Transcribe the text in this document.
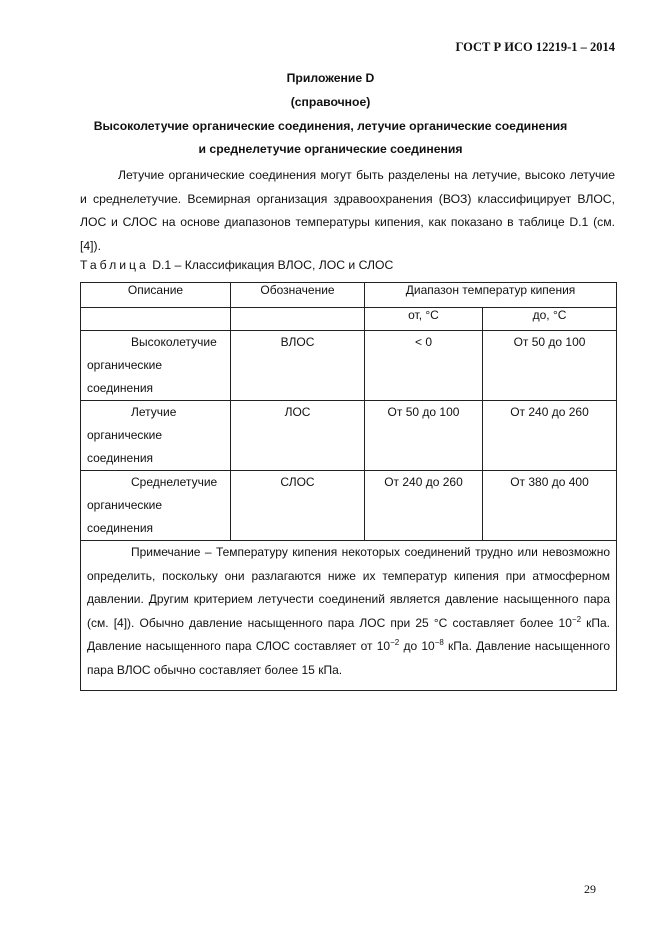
ГОСТ Р ИСО 12219-1 – 2014
Приложение D
(справочное)
Высоколетучие органические соединения, летучие органические соединения
и среднелетучие органические соединения
Летучие органические соединения могут быть разделены на летучие, высоко летучие и среднелетучие. Всемирная организация здравоохранения (ВОЗ) классифицирует ВЛОС, ЛОС и СЛОС на основе диапазонов температуры кипения, как показано в таблице D.1 (см. [4]).
Таблица D.1 – Классификация ВЛОС, ЛОС и СЛОС
Описание	Обозначение	Диапазон температур кипения	
		от, °С	до, °С

Высоколетучие
органические соединения	ВЛОС	< 0	От 50 до 100

Летучие органические
соединения	ЛОС	От 50 до 100	От 240 до 260

Среднелетучие
органические соединения	СЛОС	От 240 до 260	От 380 до 400
Примечание – Температуру кипения некоторых соединений трудно или невозможно определить, поскольку они разлагаются ниже их температур кипения при атмосферном давлении. Другим критерием летучести соединений является давление насыщенного пара (см. [4]). Обычно давление насыщенного пара ЛОС при 25 °С составляет более $10^{-2}$ кПа. Давление насыщенного пара СЛОС составляет от $10^{-2}$ до $10^{-8}$ кПа. Давление насыщенного пара ВЛОС обычно составляет более 15 кПа.			
29
